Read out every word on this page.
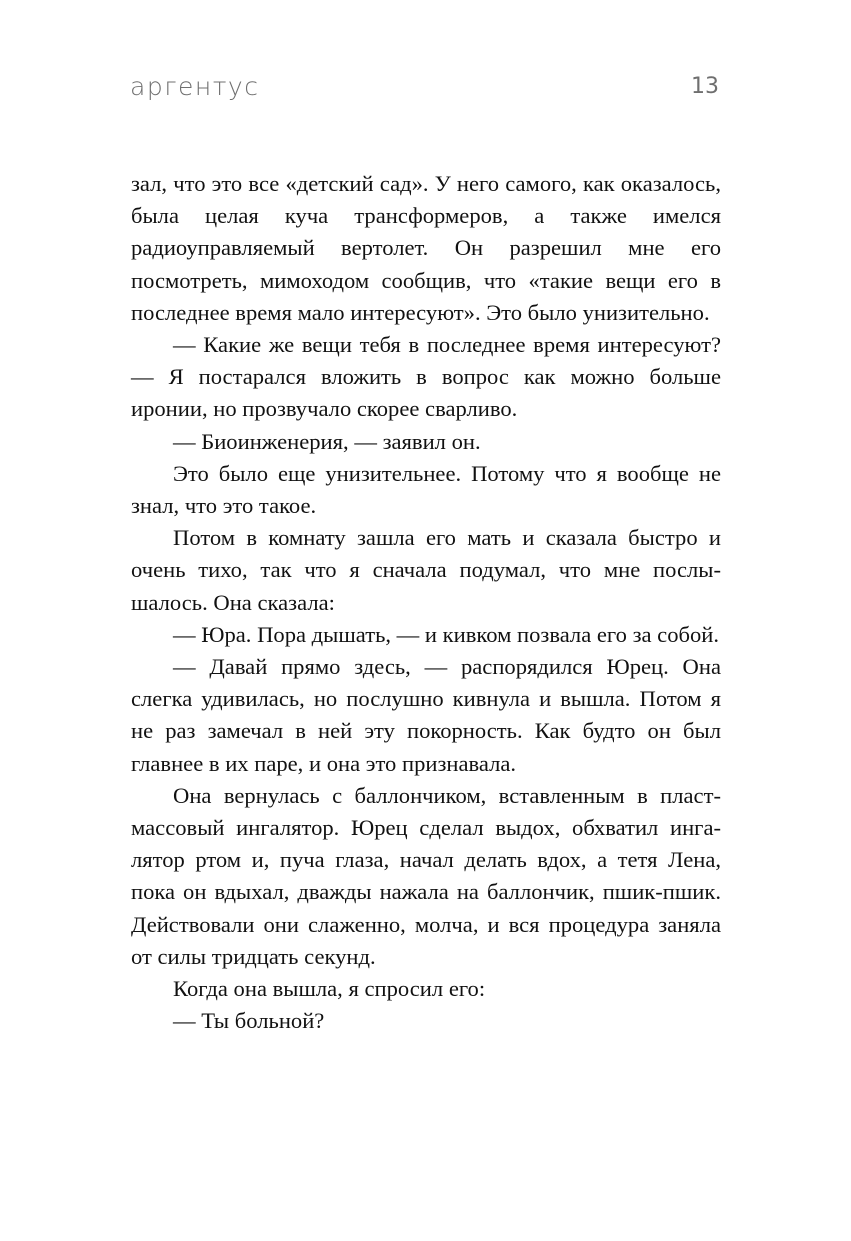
аргентус	13

зал, что это все «детский сад». У него самого, как оказалось, была целая куча трансформеров, а также имелся радиоуправляемый вертолет. Он разрешил мне его посмотреть, мимоходом сообщив, что «такие вещи его в последнее время мало интересуют». Это было унизительно.

— Какие же вещи тебя в последнее время интересуют? — Я постарался вложить в вопрос как можно больше иронии, но прозвучало скорее сварливо.

— Биоинженерия, — заявил он.

Это было еще унизительнее. Потому что я вообще не знал, что это такое.

Потом в комнату зашла его мать и сказала быстро и очень тихо, так что я сначала подумал, что мне послышалось. Она сказала:

— Юра. Пора дышать, — и кивком позвала его за собой.

— Давай прямо здесь, — распорядился Юрец. Она слегка удивилась, но послушно кивнула и вышла. Потом я не раз замечал в ней эту покорность. Как будто он был главнее в их паре, и она это признавала.

Она вернулась с баллончиком, вставленным в пластмассовый ингалятор. Юрец сделал выдох, обхватил ингалятор ртом и, пуча глаза, начал делать вдох, а тетя Лена, пока он вдыхал, дважды нажала на баллончик, пшик-пшик. Действовали они слаженно, молча, и вся процедура заняла от силы тридцать секунд.

Когда она вышла, я спросил его:

— Ты больной?
